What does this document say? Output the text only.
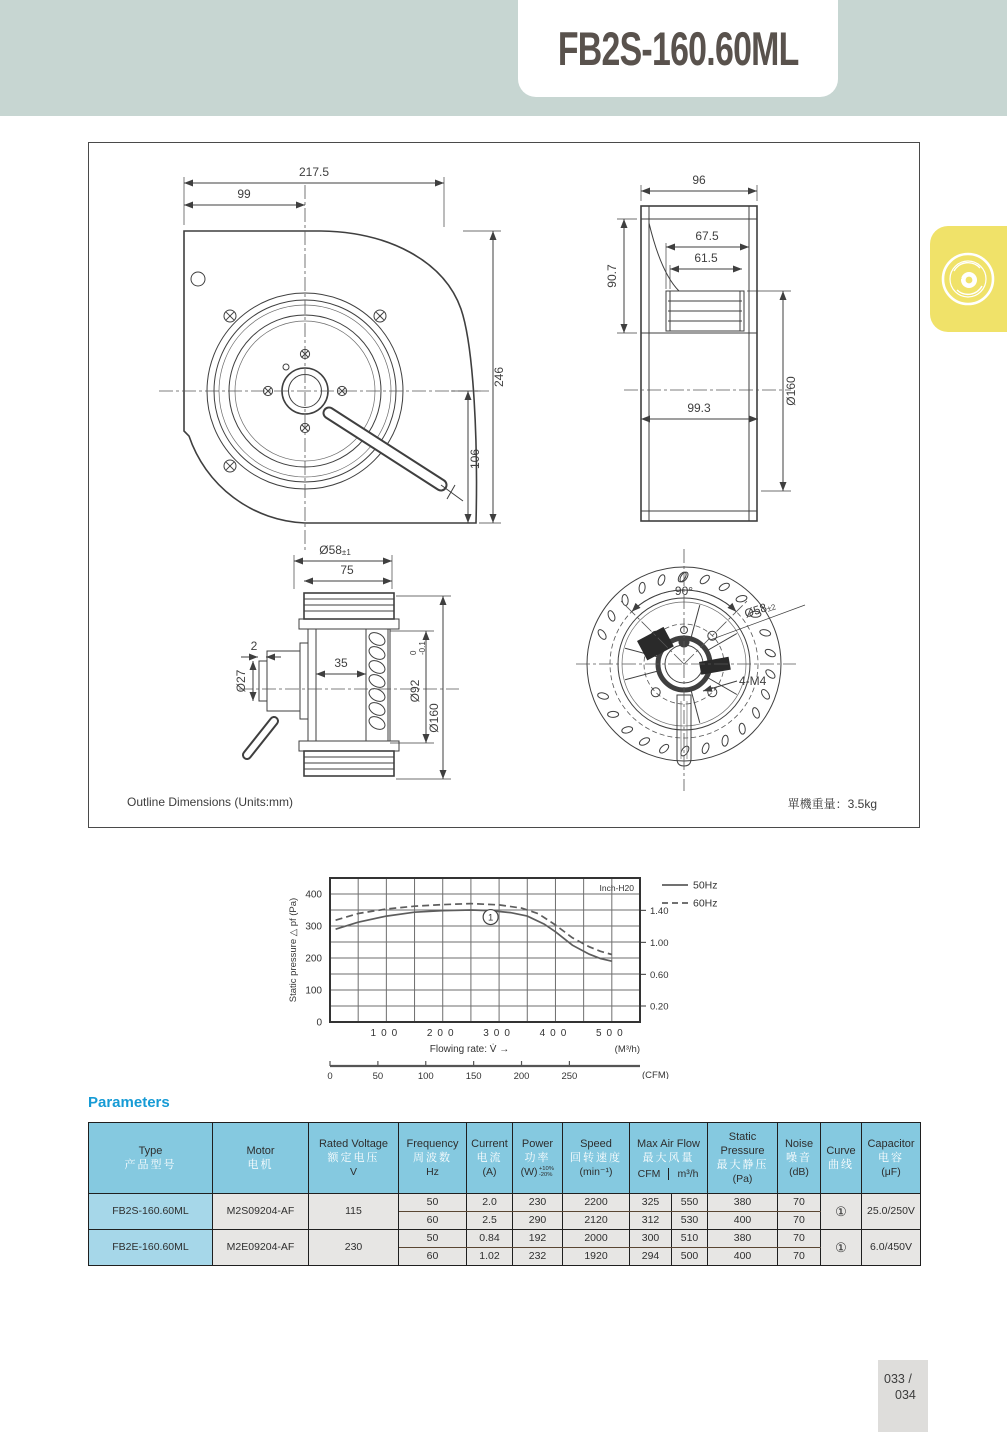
FB2S-160.60ML
217.5
99
246
106
96
90.7
67.5
61.5
Ø160
99.3
Ø58±1
75
2
35
Ø27	Ø92
0 -0.1
Ø160
90°
Ø58±2
4-M4
Outline Dimensions (Units:mm)	單機重量：3.5kg
0
100
200
300
400
100 200 300 400 500
0.20
0.60
1.00
1.40
Inch-H20
Static pressure △ pf (Pa)
Flowing rate: V̇ →	(M³/h)
0	50	100	150	200	250	(CFM)
1
50Hz
60Hz
Parameters
Type
产品型号

Motor
电机

Rated Voltage
额定电压
V

Frequency
周波数
Hz

Current
电流
(A)

Power
功率
(W) +10%
-20%

Speed
回转速度
(min⁻¹)

Max Air Flow
最大风量
CFM	m³/h

Static Pressure
最大静压
(Pa)

Noise
噪音
(dB)

Curve
曲线

Capacitor
电容
(μF)

FB2S-160.60ML	M2S09204-AF	115	50	2.0	230	2200	325	550	380	70	①	25.0/250V
			60	2.5	290	2120	312	530	400	70		
FB2E-160.60ML	M2E09204-AF	230	50	0.84	192	2000	300	510	380	70	①	6.0/450V
			60	1.02	232	1920	294	500	400	70		
033 /
034
